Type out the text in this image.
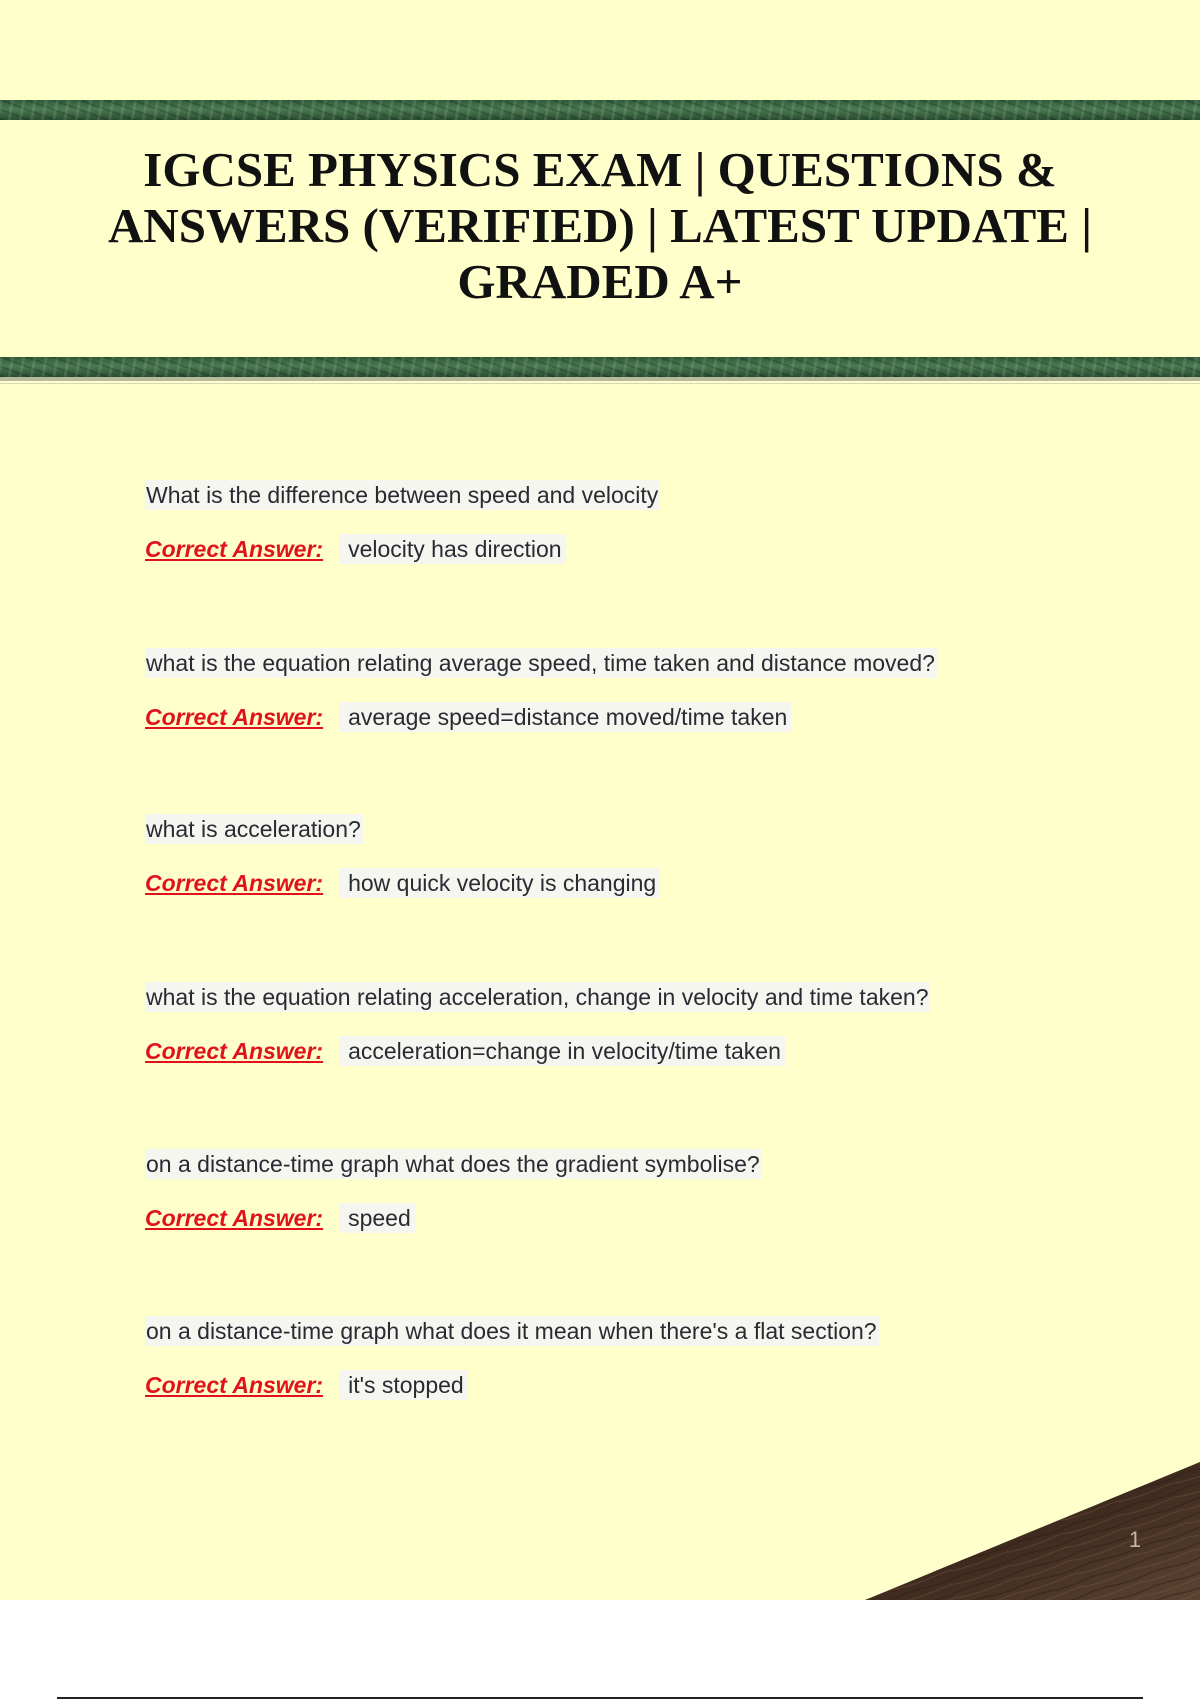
IGCSE PHYSICS EXAM | QUESTIONS & ANSWERS (VERIFIED) | LATEST UPDATE | GRADED A+
What is the difference between speed and velocity
Correct Answer: velocity has direction
what is the equation relating average speed, time taken and distance moved?
Correct Answer: average speed=distance moved/time taken
what is acceleration?
Correct Answer: how quick velocity is changing
what is the equation relating acceleration, change in velocity and time taken?
Correct Answer: acceleration=change in velocity/time taken
on a distance-time graph what does the gradient symbolise?
Correct Answer: speed
on a distance-time graph what does it mean when there's a flat section?
Correct Answer: it's stopped
1
